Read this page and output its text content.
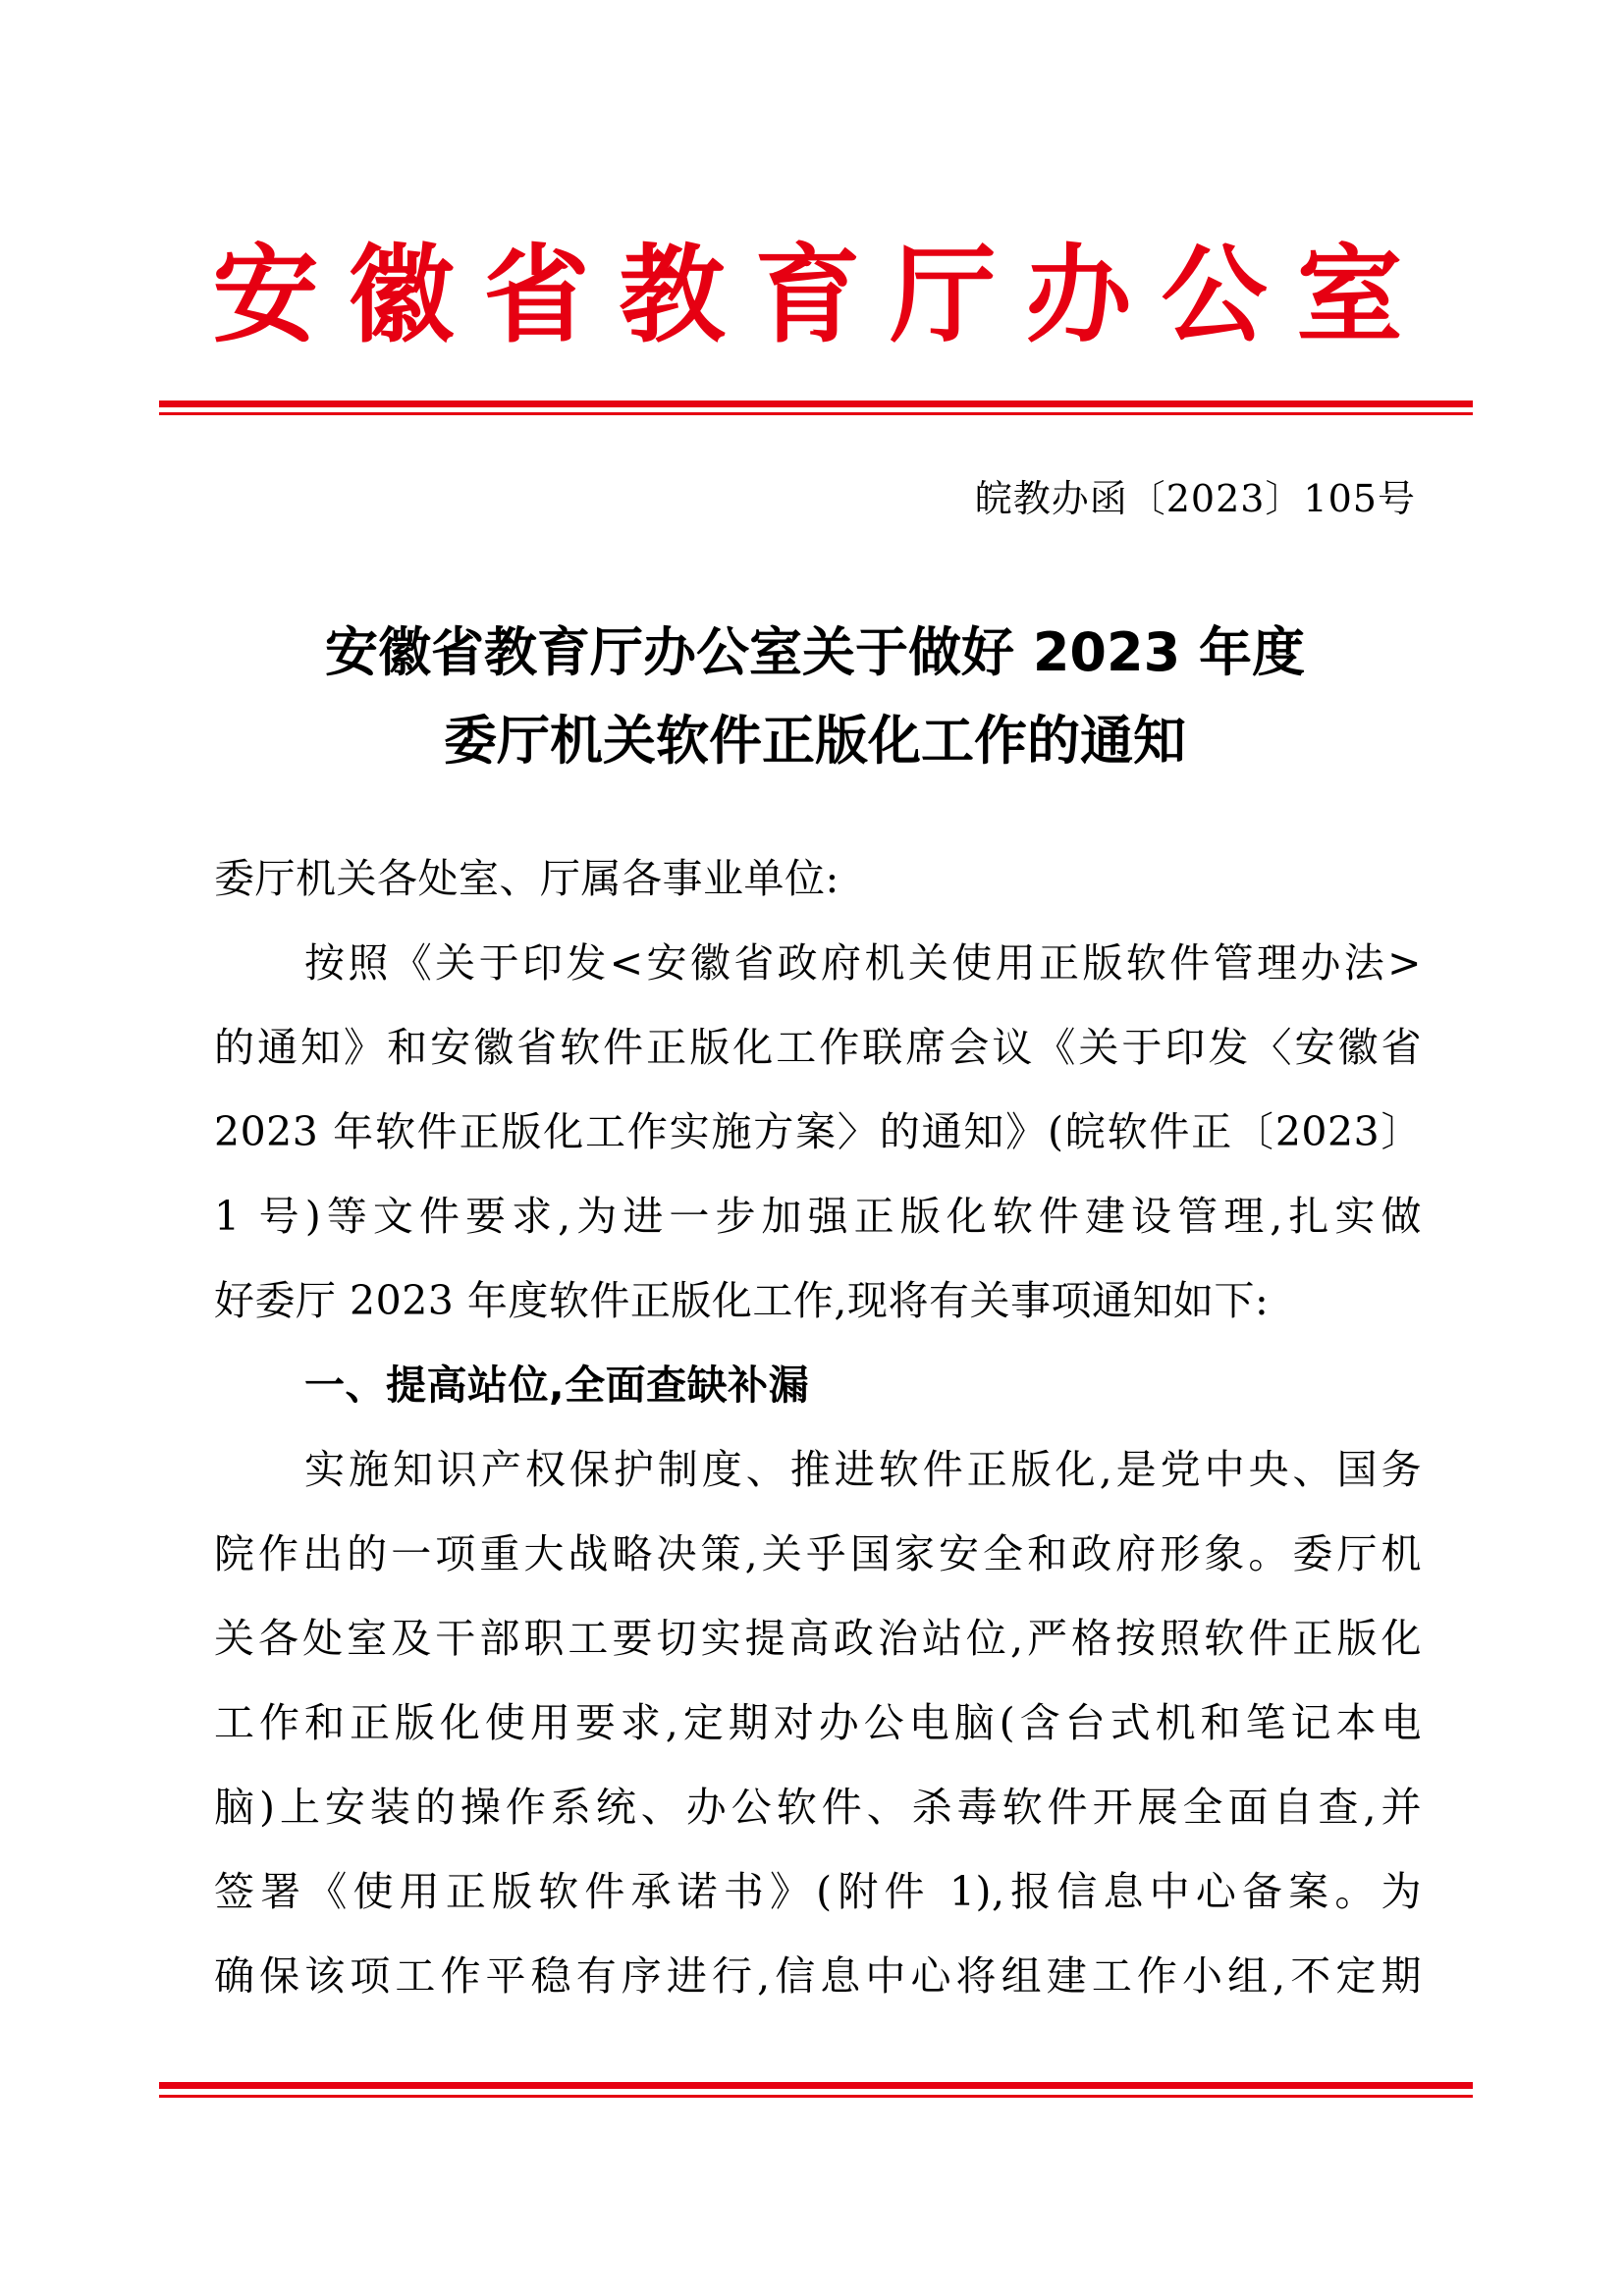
安徽省教育厅办公室
皖教办函〔2023〕105号
安徽省教育厅办公室关于做好 2023 年度
委厅机关软件正版化工作的通知
委厅机关各处室、厅属各事业单位:
按照《关于印发<安徽省政府机关使用正版软件管理办法>
的通知》和安徽省软件正版化工作联席会议《关于印发〈安徽省
2023 年软件正版化工作实施方案〉的通知》(皖软件正〔2023〕
1 号)等文件要求,为进一步加强正版化软件建设管理,扎实做
好委厅 2023 年度软件正版化工作,现将有关事项通知如下:
一、提高站位,全面查缺补漏
实施知识产权保护制度、推进软件正版化,是党中央、国务
院作出的一项重大战略决策,关乎国家安全和政府形象。委厅机
关各处室及干部职工要切实提高政治站位,严格按照软件正版化
工作和正版化使用要求,定期对办公电脑(含台式机和笔记本电
脑)上安装的操作系统、办公软件、杀毒软件开展全面自查,并
签署《使用正版软件承诺书》(附件 1),报信息中心备案。为
确保该项工作平稳有序进行,信息中心将组建工作小组,不定期
